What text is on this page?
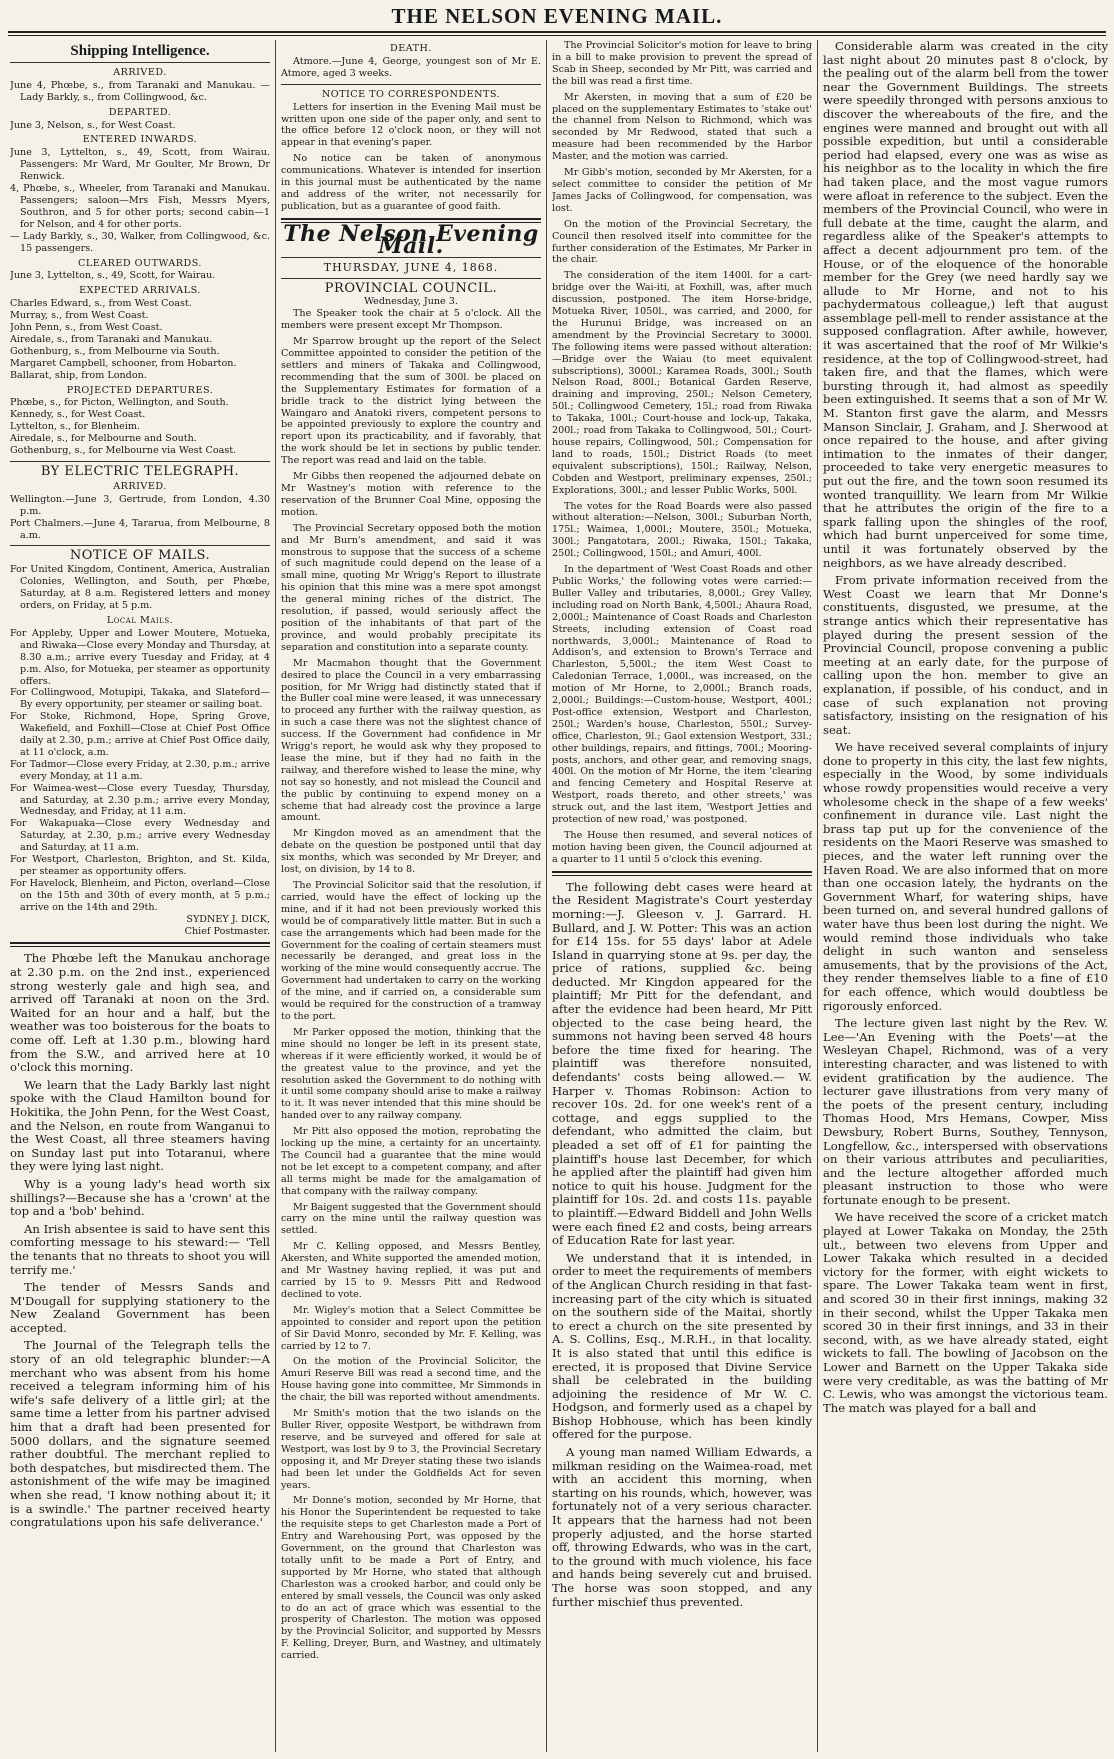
THE NELSON EVENING MAIL.
Shipping Intelligence.
ARRIVED.
June 4, Phœbe, s., from Taranaki and Manukau. — Lady Barkly, s., from Collingwood, &c.
DEPARTED.
June 3, Nelson, s., for West Coast.
ENTERED INWARDS.
June 3, Lyttelton, s., 49, Scott, from Wairau. Passengers: Mr Ward, Mr Goulter, Mr Brown, Dr Renwick.
4, Phœbe, s., Wheeler, from Taranaki and Manukau. Passengers; saloon—Mrs Fish, Messrs Myers, Southron, and 5 for other ports; second cabin—1 for Nelson, and 4 for other ports.
— Lady Barkly, s., 30, Walker, from Collingwood, &c. 15 passengers.
CLEARED OUTWARDS.
June 3, Lyttelton, s., 49, Scott, for Wairau.
EXPECTED ARRIVALS.
Charles Edward, s., from West Coast.
Murray, s., from West Coast.
John Penn, s., from West Coast.
Airedale, s., from Taranaki and Manukau.
Gothenburg, s., from Melbourne via South.
Margaret Campbell, schooner, from Hobarton.
Ballarat, ship, from London.
PROJECTED DEPARTURES.
Phœbe, s., for Picton, Wellington, and South.
Kennedy, s., for West Coast.
Lyttelton, s., for Blenheim.
Airedale, s., for Melbourne and South.
Gothenburg, s., for Melbourne via West Coast.
BY ELECTRIC TELEGRAPH.
ARRIVED.
Wellington.—June 3, Gertrude, from London, 4.30 p.m.
Port Chalmers.—June 4, Tararua, from Melbourne, 8 a.m.
NOTICE OF MAILS.
For United Kingdom, Continent, America, Australian Colonies, Wellington, and South, per Phœbe, Saturday, at 8 a.m. Registered letters and money orders, on Friday, at 5 p.m.
Local Mails.
For Appleby, Upper and Lower Moutere, Motueka, and Riwaka—Close every Monday and Thursday, at 8.30 a.m.; arrive every Tuesday and Friday, at 4 p.m. Also, for Motueka, per steamer as opportunity offers.
For Collingwood, Motupipi, Takaka, and Slateford—By every opportunity, per steamer or sailing boat.
For Stoke, Richmond, Hope, Spring Grove, Wakefield, and Foxhill—Close at Chief Post Office daily at 2.30, p.m.; arrive at Chief Post Office daily, at 11 o'clock, a.m.
For Tadmor—Close every Friday, at 2.30, p.m.; arrive every Monday, at 11 a.m.
For Waimea-west—Close every Tuesday, Thursday, and Saturday, at 2.30 p.m.; arrive every Monday, Wednesday, and Friday, at 11 a.m.
For Wakapuaka—Close every Wednesday and Saturday, at 2.30, p.m.; arrive every Wednesday and Saturday, at 11 a.m.
For Westport, Charleston, Brighton, and St. Kilda, per steamer as opportunity offers.
For Havelock, Blenheim, and Picton, overland—Close on the 15th and 30th of every month, at 5 p.m.; arrive on the 14th and 29th.
SYDNEY J. DICK,
Chief Postmaster.
The Phœbe left the Manukau anchorage at 2.30 p.m. on the 2nd inst., experienced strong westerly gale and high sea, and arrived off Taranaki at noon on the 3rd. Waited for an hour and a half, but the weather was too boisterous for the boats to come off. Left at 1.30 p.m., blowing hard from the S.W., and arrived here at 10 o'clock this morning.
We learn that the Lady Barkly last night spoke with the Claud Hamilton bound for Hokitika, the John Penn, for the West Coast, and the Nelson, en route from Wanganui to the West Coast, all three steamers having on Sunday last put into Totaranui, where they were lying last night.
Why is a young lady's head worth six shillings?—Because she has a 'crown' at the top and a 'bob' behind.
An Irish absentee is said to have sent this comforting message to his steward:— 'Tell the tenants that no threats to shoot you will terrify me.'
The tender of Messrs Sands and M'Dougall for supplying stationery to the New Zealand Government has been accepted.
The Journal of the Telegraph tells the story of an old telegraphic blunder:—A merchant who was absent from his home received a telegram informing him of his wife's safe delivery of a little girl; at the same time a letter from his partner advised him that a draft had been presented for 5000 dollars, and the signature seemed rather doubtful. The merchant replied to both despatches, but misdirected them. The astonishment of the wife may be imagined when she read, 'I know nothing about it; it is a swindle.' The partner received hearty congratulations upon his safe deliverance.'
DEATH.
Atmore.—June 4, George, youngest son of Mr E. Atmore, aged 3 weeks.
NOTICE TO CORRESPONDENTS.
Letters for insertion in the Evening Mail must be written upon one side of the paper only, and sent to the office before 12 o'clock noon, or they will not appear in that evening's paper.
No notice can be taken of anonymous communications. Whatever is intended for insertion in this journal must be authenticated by the name and address of the writer, not necessarily for publication, but as a guarantee of good faith.
The Nelson Evening Mail.
THURSDAY, JUNE 4, 1868.
PROVINCIAL COUNCIL.
Wednesday, June 3.
The Speaker took the chair at 5 o'clock. All the members were present except Mr Thompson.
Mr Sparrow brought up the report of the Select Committee appointed to consider the petition of the settlers and miners of Takaka and Collingwood, recommending that the sum of 300l. be placed on the Supplementary Estimates for formation of a bridle track to the district lying between the Waingaro and Anatoki rivers, competent persons to be appointed previously to explore the country and report upon its practicability, and if favorably, that the work should be let in sections by public tender. The report was read and laid on the table.
Mr Gibbs then reopened the adjourned debate on Mr Wastney's motion with reference to the reservation of the Brunner Coal Mine, opposing the motion.
The Provincial Secretary opposed both the motion and Mr Burn's amendment, and said it was monstrous to suppose that the success of a scheme of such magnitude could depend on the lease of a small mine, quoting Mr Wrigg's Report to illustrate his opinion that this mine was a mere spot amongst the general mining riches of the district. The resolution, if passed, would seriously affect the position of the inhabitants of that part of the province, and would probably precipitate its separation and constitution into a separate county.
Mr Macmahon thought that the Government desired to place the Council in a very embarrassing position, for Mr Wrigg had distinctly stated that if the Buller coal mine were leased, it was unnecessary to proceed any further with the railway question, as in such a case there was not the slightest chance of success. If the Government had confidence in Mr Wrigg's report, he would ask why they proposed to lease the mine, but if they had no faith in the railway, and therefore wished to lease the mine, why not say so honestly, and not mislead the Council and the public by continuing to expend money on a scheme that had already cost the province a large amount.
Mr Kingdon moved as an amendment that the debate on the question be postponed until that day six months, which was seconded by Mr Dreyer, and lost, on division, by 14 to 8.
The Provincial Solicitor said that the resolution, if carried, would have the effect of locking up the mine, and if it had not been previously worked this would be of comparatively little matter. But in such a case the arrangements which had been made for the Government for the coaling of certain steamers must necessarily be deranged, and great loss in the working of the mine would consequently accrue. The Government had undertaken to carry on the working of the mine, and if carried on, a considerable sum would be required for the construction of a tramway to the port.
Mr Parker opposed the motion, thinking that the mine should no longer be left in its present state, whereas if it were efficiently worked, it would be of the greatest value to the province, and yet the resolution asked the Government to do nothing with it until some company should arise to make a railway to it. It was never intended that this mine should be handed over to any railway company.
Mr Pitt also opposed the motion, reprobating the locking up the mine, a certainty for an uncertainty. The Council had a guarantee that the mine would not be let except to a competent company, and after all terms might be made for the amalgamation of that company with the railway company.
Mr Baigent suggested that the Government should carry on the mine until the railway question was settled.
Mr C. Kelling opposed, and Messrs Bentley, Akersten, and White supported the amended motion, and Mr Wastney having replied, it was put and carried by 15 to 9. Messrs Pitt and Redwood declined to vote.
Mr. Wigley's motion that a Select Committee be appointed to consider and report upon the petition of Sir David Monro, seconded by Mr. F. Kelling, was carried by 12 to 7.
On the motion of the Provincial Solicitor, the Amuri Reserve Bill was read a second time, and the House having gone into committee, Mr Simmonds in the chair, the bill was reported without amendments.
Mr Smith's motion that the two islands on the Buller River, opposite Westport, be withdrawn from reserve, and be surveyed and offered for sale at Westport, was lost by 9 to 3, the Provincial Secretary opposing it, and Mr Dreyer stating these two islands had been let under the Goldfields Act for seven years.
Mr Donne's motion, seconded by Mr Horne, that his Honor the Superintendent be requested to take the requisite steps to get Charleston made a Port of Entry and Warehousing Port, was opposed by the Government, on the ground that Charleston was totally unfit to be made a Port of Entry, and supported by Mr Horne, who stated that although Charleston was a crooked harbor, and could only be entered by small vessels, the Council was only asked to do an act of grace which was essential to the prosperity of Charleston. The motion was opposed by the Provincial Solicitor, and supported by Messrs F. Kelling, Dreyer, Burn, and Wastney, and ultimately carried.
The Provincial Solicitor's motion for leave to bring in a bill to make provision to prevent the spread of Scab in Sheep, seconded by Mr Pitt, was carried and the bill was read a first time.
Mr Akersten, in moving that a sum of £20 be placed on the supplementary Estimates to 'stake out' the channel from Nelson to Richmond, which was seconded by Mr Redwood, stated that such a measure had been recommended by the Harbor Master, and the motion was carried.
Mr Gibb's motion, seconded by Mr Akersten, for a select committee to consider the petition of Mr James Jacks of Collingwood, for compensation, was lost.
On the motion of the Provincial Secretary, the Council then resolved itself into committee for the further consideration of the Estimates, Mr Parker in the chair.
The consideration of the item 1400l. for a cart-bridge over the Wai-iti, at Foxhill, was, after much discussion, postponed. The item Horse-bridge, Motueka River, 1050l., was carried, and 2000, for the Hurunui Bridge, was increased on an amendment by the Provincial Secretary to 3000l. The following items were passed without alteration:—Bridge over the Waiau (to meet equivalent subscriptions), 3000l.; Karamea Roads, 300l.; South Nelson Road, 800l.; Botanical Garden Reserve, draining and improving, 250l.; Nelson Cemetery, 50l.; Collingwood Cemetery, 15l.; road from Riwaka to Takaka, 100l.; Court-house and lock-up, Takaka, 200l.; road from Takaka to Collingwood, 50l.; Court-house repairs, Collingwood, 50l.; Compensation for land to roads, 150l.; District Roads (to meet equivalent subscriptions), 150l.; Railway, Nelson, Cobden and Westport, preliminary expenses, 250l.; Explorations, 300l.; and lesser Public Works, 500l.
The votes for the Road Boards were also passed without alteration:—Nelson, 300l.; Suburban North, 175l.; Waimea, 1,000l.; Moutere, 350l.; Motueka, 300l.; Pangatotara, 200l.; Riwaka, 150l.; Takaka, 250l.; Collingwood, 150l.; and Amuri, 400l.
In the department of 'West Coast Roads and other Public Works,' the following votes were carried:—Buller Valley and tributaries, 8,000l.; Grey Valley, including road on North Bank, 4,500l.; Ahaura Road, 2,000l.; Maintenance of Coast Roads and Charleston Streets, including extension of Coast road northwards, 3,000l.; Maintenance of Road to Addison's, and extension to Brown's Terrace and Charleston, 5,500l.; the item West Coast to Caledonian Terrace, 1,000l., was increased, on the motion of Mr Horne, to 2,000l.; Branch roads, 2,000l.; Buildings:—Custom-house, Westport, 400l.; Post-office extension, Westport and Charleston, 250l.; Warden's house, Charleston, 550l.; Survey-office, Charleston, 9l.; Gaol extension Westport, 33l.; other buildings, repairs, and fittings, 700l.; Mooring-posts, anchors, and other gear, and removing snags, 400l. On the motion of Mr Horne, the item 'clearing and fencing Cemetery and Hospital Reserve at Westport, roads thereto, and other streets,' was struck out, and the last item, 'Westport Jetties and protection of new road,' was postponed.
The House then resumed, and several notices of motion having been given, the Council adjourned at a quarter to 11 until 5 o'clock this evening.
The following debt cases were heard at the Resident Magistrate's Court yesterday morning:—J. Gleeson v. J. Garrard. H. Bullard, and J. W. Potter: This was an action for £14 15s. for 55 days' labor at Adele Island in quarrying stone at 9s. per day, the price of rations, supplied &c. being deducted. Mr Kingdon appeared for the plaintiff; Mr Pitt for the defendant, and after the evidence had been heard, Mr Pitt objected to the case being heard, the summons not having been served 48 hours before the time fixed for hearing. The plaintiff was therefore nonsuited, defendants' costs being allowed.— W. Harper v. Thomas Robinson: Action to recover 10s. 2d. for one week's rent of a cottage, and eggs supplied to the defendant, who admitted the claim, but pleaded a set off of £1 for painting the plaintiff's house last December, for which he applied after the plaintiff had given him notice to quit his house. Judgment for the plaintiff for 10s. 2d. and costs 11s. payable to plaintiff.—Edward Biddell and John Wells were each fined £2 and costs, being arrears of Education Rate for last year.
We understand that it is intended, in order to meet the requirements of members of the Anglican Church residing in that fast-increasing part of the city which is situated on the southern side of the Maitai, shortly to erect a church on the site presented by A. S. Collins, Esq., M.R.H., in that locality. It is also stated that until this edifice is erected, it is proposed that Divine Service shall be celebrated in the building adjoining the residence of Mr W. C. Hodgson, and formerly used as a chapel by Bishop Hobhouse, which has been kindly offered for the purpose.
A young man named William Edwards, a milkman residing on the Waimea-road, met with an accident this morning, when starting on his rounds, which, however, was fortunately not of a very serious character. It appears that the harness had not been properly adjusted, and the horse started off, throwing Edwards, who was in the cart, to the ground with much violence, his face and hands being severely cut and bruised. The horse was soon stopped, and any further mischief thus prevented.
Considerable alarm was created in the city last night about 20 minutes past 8 o'clock, by the pealing out of the alarm bell from the tower near the Government Buildings. The streets were speedily thronged with persons anxious to discover the whereabouts of the fire, and the engines were manned and brought out with all possible expedition, but until a considerable period had elapsed, every one was as wise as his neighbor as to the locality in which the fire had taken place, and the most vague rumors were afloat in reference to the subject. Even the members of the Provincial Council, who were in full debate at the time, caught the alarm, and regardless alike of the Speaker's attempts to affect a decent adjournment pro tem. of the House, or of the eloquence of the honorable member for the Grey (we need hardly say we allude to Mr Horne, and not to his pachydermatous colleague,) left that august assemblage pell-mell to render assistance at the supposed conflagration. After awhile, however, it was ascertained that the roof of Mr Wilkie's residence, at the top of Collingwood-street, had taken fire, and that the flames, which were bursting through it, had almost as speedily been extinguished. It seems that a son of Mr W. M. Stanton first gave the alarm, and Messrs Manson Sinclair, J. Graham, and J. Sherwood at once repaired to the house, and after giving intimation to the inmates of their danger, proceeded to take very energetic measures to put out the fire, and the town soon resumed its wonted tranquillity. We learn from Mr Wilkie that he attributes the origin of the fire to a spark falling upon the shingles of the roof, which had burnt unperceived for some time, until it was fortunately observed by the neighbors, as we have already described.
From private information received from the West Coast we learn that Mr Donne's constituents, disgusted, we presume, at the strange antics which their representative has played during the present session of the Provincial Council, propose convening a public meeting at an early date, for the purpose of calling upon the hon. member to give an explanation, if possible, of his conduct, and in case of such explanation not proving satisfactory, insisting on the resignation of his seat.
We have received several complaints of injury done to property in this city, the last few nights, especially in the Wood, by some individuals whose rowdy propensities would receive a very wholesome check in the shape of a few weeks' confinement in durance vile. Last night the brass tap put up for the convenience of the residents on the Maori Reserve was smashed to pieces, and the water left running over the Haven Road. We are also informed that on more than one occasion lately, the hydrants on the Government Wharf, for watering ships, have been turned on, and several hundred gallons of water have thus been lost during the night. We would remind those individuals who take delight in such wanton and senseless amusements, that by the provisions of the Act, they render themselves liable to a fine of £10 for each offence, which would doubtless be rigorously enforced.
The lecture given last night by the Rev. W. Lee—'An Evening with the Poets'—at the Wesleyan Chapel, Richmond, was of a very interesting character, and was listened to with evident gratification by the audience. The lecturer gave illustrations from very many of the poets of the present century, including Thomas Hood, Mrs Hemans, Cowper, Miss Dewsbury, Robert Burns, Southey, Tennyson, Longfellow, &c., interspersed with observations on their various attributes and peculiarities, and the lecture altogether afforded much pleasant instruction to those who were fortunate enough to be present.
We have received the score of a cricket match played at Lower Takaka on Monday, the 25th ult., between two elevens from Upper and Lower Takaka which resulted in a decided victory for the former, with eight wickets to spare. The Lower Takaka team went in first, and scored 30 in their first innings, making 32 in their second, whilst the Upper Takaka men scored 30 in their first innings, and 33 in their second, with, as we have already stated, eight wickets to fall. The bowling of Jacobson on the Lower and Barnett on the Upper Takaka side were very creditable, as was the batting of Mr C. Lewis, who was amongst the victorious team. The match was played for a ball and
